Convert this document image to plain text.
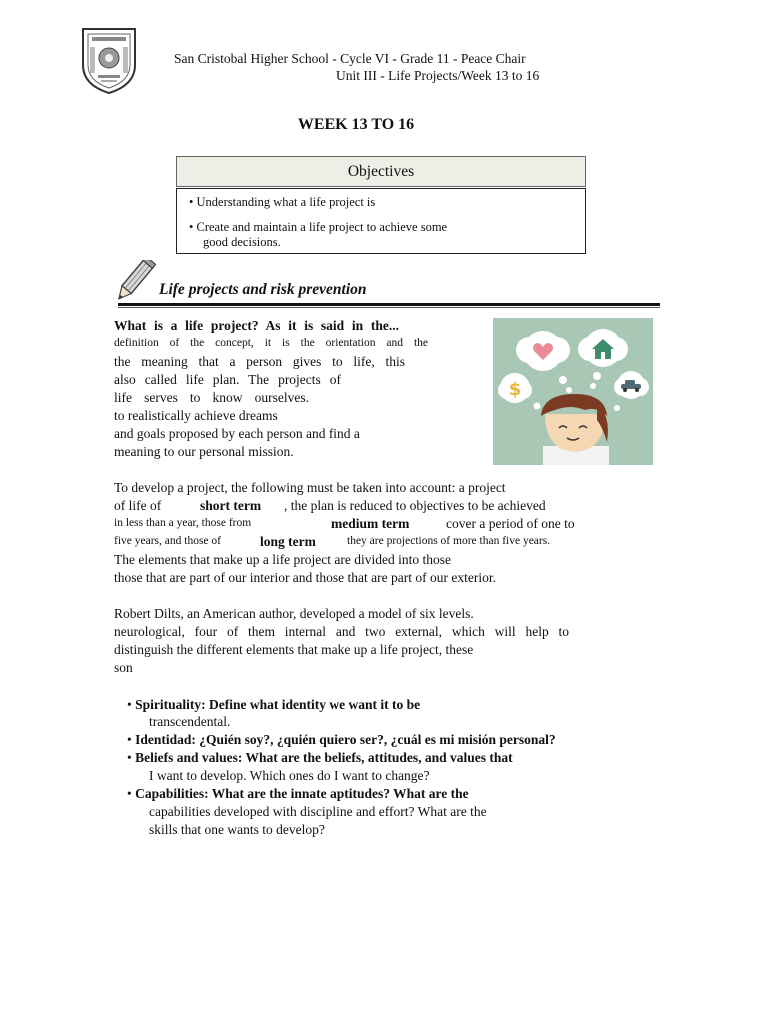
San Cristobal Higher School - Cycle VI - Grade 11 - Peace Chair
Unit III - Life Projects/Week 13 to 16
WEEK 13 TO 16
Objectives
• Understanding what a life project is
• Create and maintain a life project to achieve some
good decisions.
Life projects and risk prevention
$
What is a life project? As it is said in the...
definition of the concept, it is the orientation and the
the meaning that a person gives to life, this
also called life plan. The projects of
life serves to know ourselves.
to realistically achieve dreams
and goals proposed by each person and find a
meaning to our personal mission.
To develop a project, the following must be taken into account: a project
of life of	short term , the plan is reduced to objectives to be achieved
in less than a year, those from	medium term	cover a period of one to
five years, and those of	long term	they are projections of more than five years.
The elements that make up a life project are divided into those
those that are part of our interior and those that are part of our exterior.
Robert Dilts, an American author, developed a model of six levels.
neurological, four of them internal and two external, which will help to
distinguish the different elements that make up a life project, these
son
• Spirituality: Define what identity we want it to be
transcendental.
• Identidad: ¿Quién soy?, ¿quién quiero ser?, ¿cuál es mi misión personal?
• Beliefs and values: What are the beliefs, attitudes, and values that
I want to develop. Which ones do I want to change?
• Capabilities: What are the innate aptitudes? What are the
capabilities developed with discipline and effort? What are the
skills that one wants to develop?
